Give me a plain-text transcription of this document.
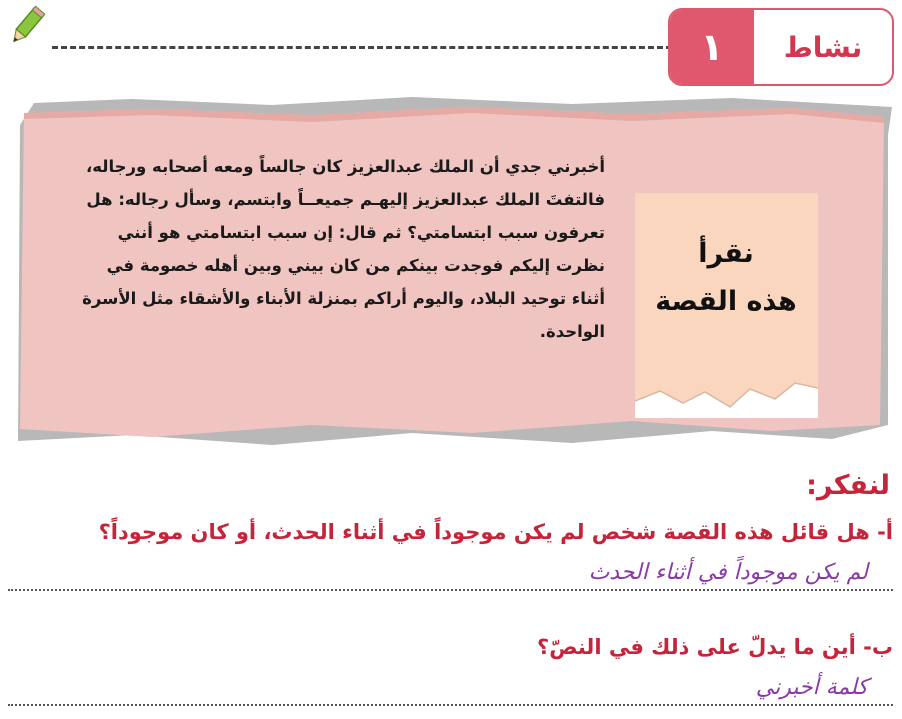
١	نشاط
نقرأ
هذه القصة
أخبرني جدي أن الملك عبدالعزيز كان جالساً ومعه أصحابه ورجاله، فالتفتَ الملك عبدالعزيز إليهـم جميعــاً وابتسم، وسأل رجاله: هل تعرفون سبب ابتسامتي؟ ثم قال: إن سبب ابتسامتي هو أنني نظرت إليكم فوجدت بينكم من كان بيني وبين أهله خصومة في أثناء توحيد البلاد، واليوم أراكم بمنزلة الأبناء والأشقاء مثل الأسرة الواحدة.
لنفكر:
أ- هل قائل هذه القصة شخص لم يكن موجوداً في أثناء الحدث، أو كان موجوداً؟
لم يكن موجوداً في أثناء الحدث
ب- أين ما يدلّ على ذلك في النصّ؟
كلمة أخبرني
